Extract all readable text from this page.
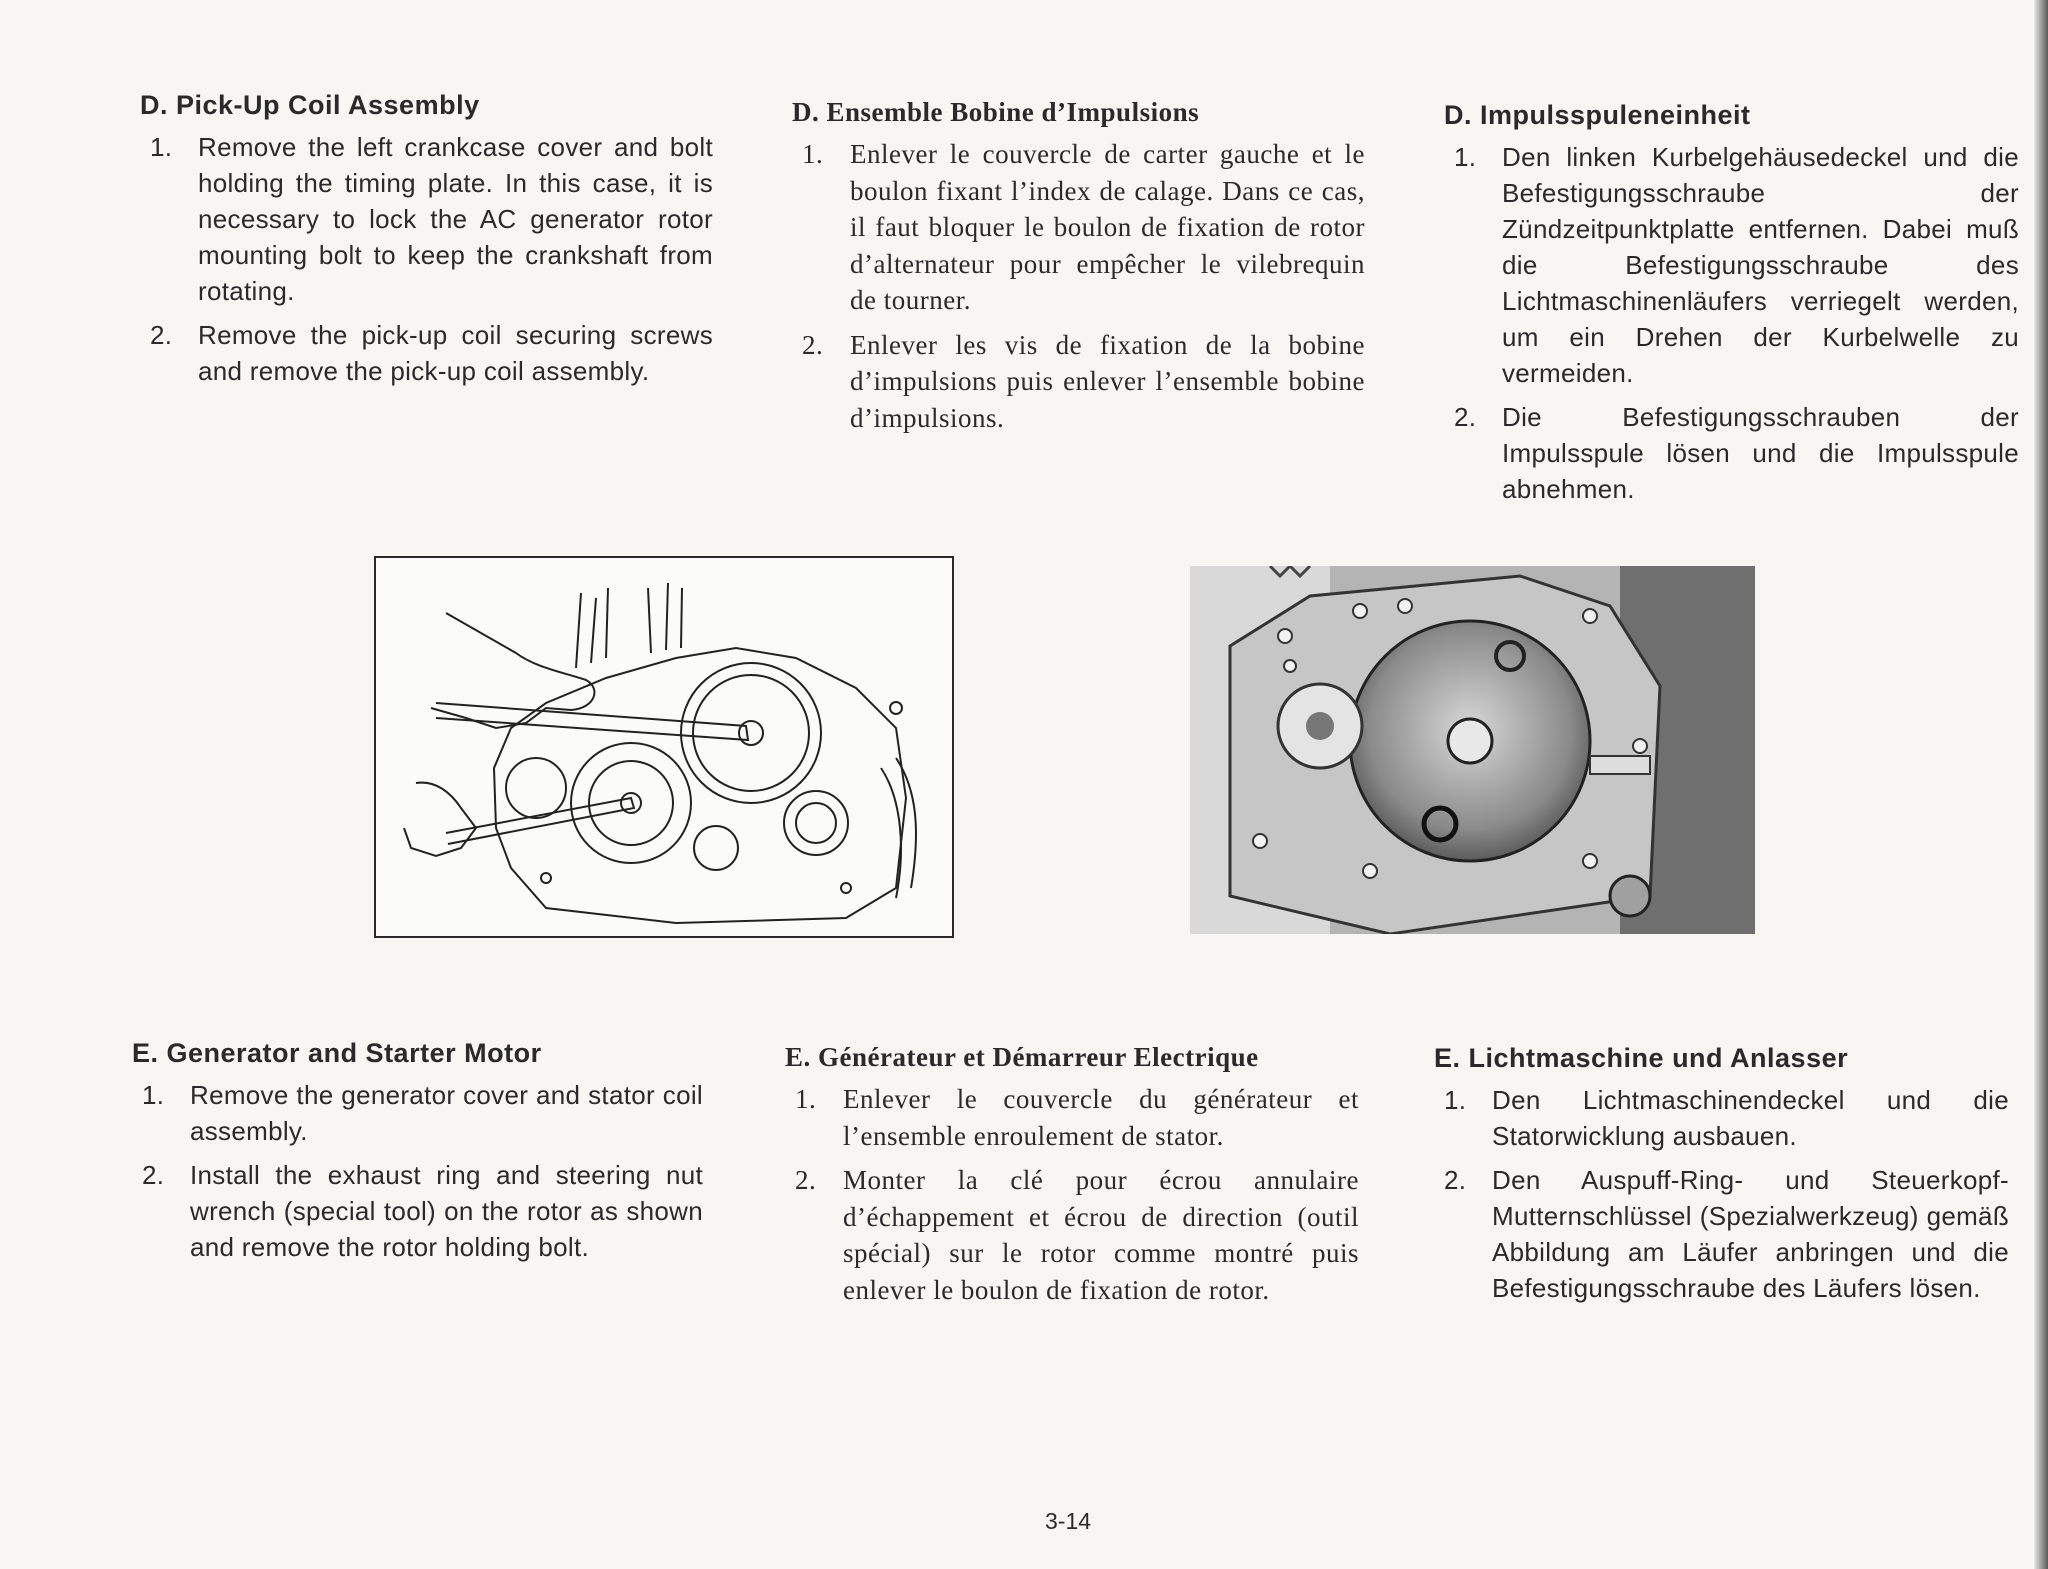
D. Pick-Up Coil Assembly
1. Remove the left crankcase cover and bolt holding the timing plate. In this case, it is necessary to lock the AC generator rotor mounting bolt to keep the crankshaft from rotating.
2. Remove the pick-up coil securing screws and remove the pick-up coil assembly.
D. Ensemble Bobine d’Impulsions
1. Enlever le couvercle de carter gauche et le boulon fixant l’index de calage. Dans ce cas, il faut bloquer le boulon de fixation de rotor d’alternateur pour empêcher le vilebrequin de tourner.
2. Enlever les vis de fixation de la bobine d’impulsions puis enlever l’ensemble bobine d’impulsions.
D. Impulsspuleneinheit
1. Den linken Kurbelgehäusedeckel und die Befestigungsschraube der Zündzeitpunktplatte entfernen. Dabei muß die Befestigungsschraube des Lichtmaschinenläufers verriegelt werden, um ein Drehen der Kurbelwelle zu vermeiden.
2. Die Befestigungsschrauben der Impulsspule lösen und die Impulsspule abnehmen.
E. Generator and Starter Motor
1. Remove the generator cover and stator coil assembly.
2. Install the exhaust ring and steering nut wrench (special tool) on the rotor as shown and remove the rotor holding bolt.
E. Générateur et Démarreur Electrique
1. Enlever le couvercle du générateur et l’ensemble enroulement de stator.
2. Monter la clé pour écrou annulaire d’échappement et écrou de direction (outil spécial) sur le rotor comme montré puis enlever le boulon de fixation de rotor.
E. Lichtmaschine und Anlasser
1. Den Lichtmaschinendeckel und die Statorwicklung ausbauen.
2. Den Auspuff-Ring- und Steuerkopf-Mutternschlüssel (Spezialwerkzeug) gemäß Abbildung am Läufer anbringen und die Befestigungsschraube des Läufers lösen.
3-14
